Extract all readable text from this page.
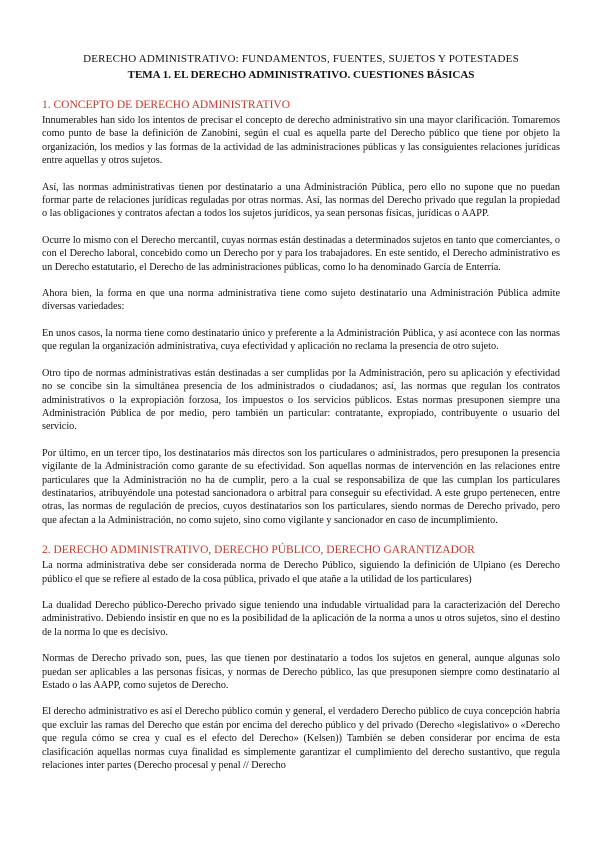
DERECHO ADMINISTRATIVO: FUNDAMENTOS, FUENTES, SUJETOS Y POTESTADES

TEMA 1. EL DERECHO ADMINISTRATIVO. CUESTIONES BÁSICAS

1. CONCEPTO DE DERECHO ADMINISTRATIVO

Innumerables han sido los intentos de precisar el concepto de derecho administrativo sin una mayor clarificación. Tomaremos como punto de base la definición de Zanobini, según el cual es aquella parte del Derecho público que tiene por objeto la organización, los medios y las formas de la actividad de las administraciones públicas y las consiguientes relaciones jurídicas entre aquellas y otros sujetos.

Así, las normas administrativas tienen por destinatario a una Administración Pública, pero ello no supone que no puedan formar parte de relaciones jurídicas reguladas por otras normas. Así, las normas del Derecho privado que regulan la propiedad o las obligaciones y contratos afectan a todos los sujetos jurídicos, ya sean personas físicas, jurídicas o AAPP.

Ocurre lo mismo con el Derecho mercantil, cuyas normas están destinadas a determinados sujetos en tanto que comerciantes, o con el Derecho laboral, concebido como un Derecho por y para los trabajadores. En este sentido, el Derecho administrativo es un Derecho estatutario, el Derecho de las administraciones públicas, como lo ha denominado García de Enterría.

Ahora bien, la forma en que una norma administrativa tiene como sujeto destinatario una Administración Pública admite diversas variedades:

En unos casos, la norma tiene como destinatario único y preferente a la Administración Pública, y así acontece con las normas que regulan la organización administrativa, cuya efectividad y aplicación no reclama la presencia de otro sujeto.

Otro tipo de normas administrativas están destinadas a ser cumplidas por la Administración, pero su aplicación y efectividad no se concibe sin la simultánea presencia de los administrados o ciudadanos; así, las normas que regulan los contratos administrativos o la expropiación forzosa, los impuestos o los servicios públicos. Estas normas presuponen siempre una Administración Pública de por medio, pero también un particular: contratante, expropiado, contribuyente o usuario del servicio.

Por último, en un tercer tipo, los destinatarios más directos son los particulares o administrados, pero presuponen la presencia vigilante de la Administración como garante de su efectividad. Son aquellas normas de intervención en las relaciones entre particulares que la Administración no ha de cumplir, pero a la cual se responsabiliza de que las cumplan los particulares destinatarios, atribuyéndole una potestad sancionadora o arbitral para conseguir su efectividad. A este grupo pertenecen, entre otras, las normas de regulación de precios, cuyos destinatarios son los particulares, siendo normas de Derecho privado, pero que afectan a la Administración, no como sujeto, sino como vigilante y sancionador en caso de incumplimiento.

2. DERECHO ADMINISTRATIVO, DERECHO PÚBLICO, DERECHO GARANTIZADOR

La norma administrativa debe ser considerada norma de Derecho Público, siguiendo la definición de Ulpiano (es Derecho público el que se refiere al estado de la cosa pública, privado el que atañe a la utilidad de los particulares)

La dualidad Derecho público-Derecho privado sigue teniendo una indudable virtualidad para la caracterización del Derecho administrativo. Debiendo insistir en que no es la posibilidad de la aplicación de la norma a unos u otros sujetos, sino el destino de la norma lo que es decisivo.

Normas de Derecho privado son, pues, las que tienen por destinatario a todos los sujetos en general, aunque algunas solo puedan ser aplicables a las personas físicas, y normas de Derecho público, las que presuponen siempre como destinatario al Estado o las AAPP, como sujetos de Derecho.

El derecho administrativo es así el Derecho público común y general, el verdadero Derecho público de cuya concepción habría que excluir las ramas del Derecho que están por encima del derecho público y del privado (Derecho «legislativo» o «Derecho que regula cómo se crea y cual es el efecto del Derecho» (Kelsen)) También se deben considerar por encima de esta clasificación aquellas normas cuya finalidad es simplemente garantizar el cumplimiento del derecho sustantivo, que regula relaciones inter partes (Derecho procesal y penal // Derecho
